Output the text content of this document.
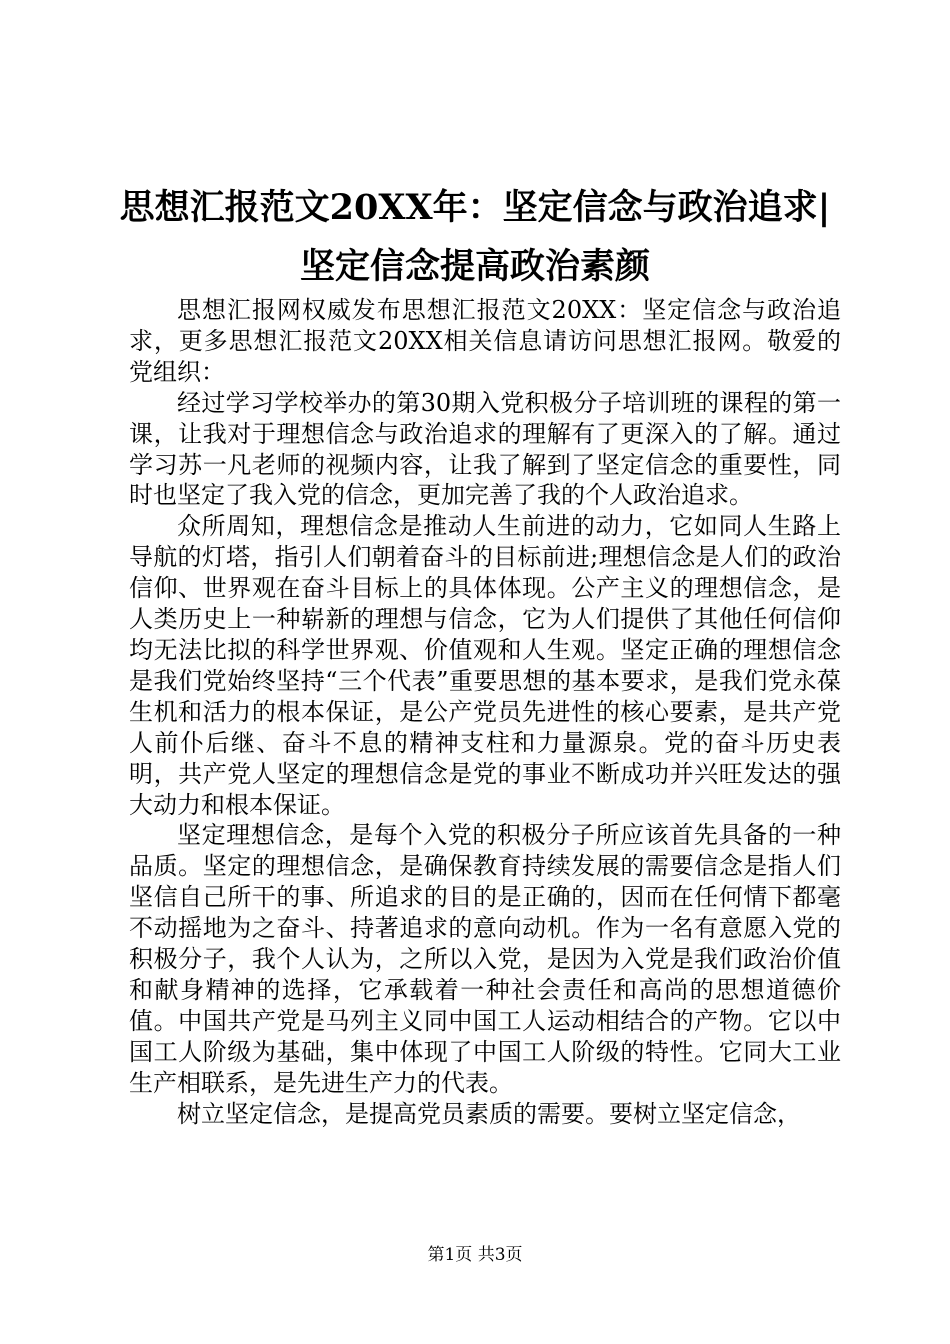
思想汇报范文20XX年：坚定信念与政治追求|
坚定信念提高政治素颜

思想汇报网权威发布思想汇报范文20XX：坚定信念与政治追求，更多思想汇报范文20XX相关信息请访问思想汇报网。敬爱的党组织：

经过学习学校举办的第30期入党积极分子培训班的课程的第一课，让我对于理想信念与政治追求的理解有了更深入的了解。通过学习苏一凡老师的视频内容，让我了解到了坚定信念的重要性，同时也坚定了我入党的信念，更加完善了我的个人政治追求。

众所周知，理想信念是推动人生前进的动力，它如同人生路上导航的灯塔，指引人们朝着奋斗的目标前进;理想信念是人们的政治信仰、世界观在奋斗目标上的具体体现。公产主义的理想信念，是人类历史上一种崭新的理想与信念，它为人们提供了其他任何信仰均无法比拟的科学世界观、价值观和人生观。坚定正确的理想信念是我们党始终坚持“三个代表”重要思想的基本要求，是我们党永葆生机和活力的根本保证，是公产党员先进性的核心要素，是共产党人前仆后继、奋斗不息的精神支柱和力量源泉。党的奋斗历史表明，共产党人坚定的理想信念是党的事业不断成功并兴旺发达的强大动力和根本保证。

坚定理想信念，是每个入党的积极分子所应该首先具备的一种品质。坚定的理想信念，是确保教育持续发展的需要信念是指人们坚信自己所干的事、所追求的目的是正确的，因而在任何情下都毫不动摇地为之奋斗、持著追求的意向动机。作为一名有意愿入党的积极分子，我个人认为，之所以入党，是因为入党是我们政治价值和献身精神的选择，它承载着一种社会责任和高尚的思想道德价值。中国共产党是马列主义同中国工人运动相结合的产物。它以中国工人阶级为基础，集中体现了中国工人阶级的特性。它同大工业生产相联系，是先进生产力的代表。

树立坚定信念，是提高党员素质的需要。要树立坚定信念，

第1页 共3页
